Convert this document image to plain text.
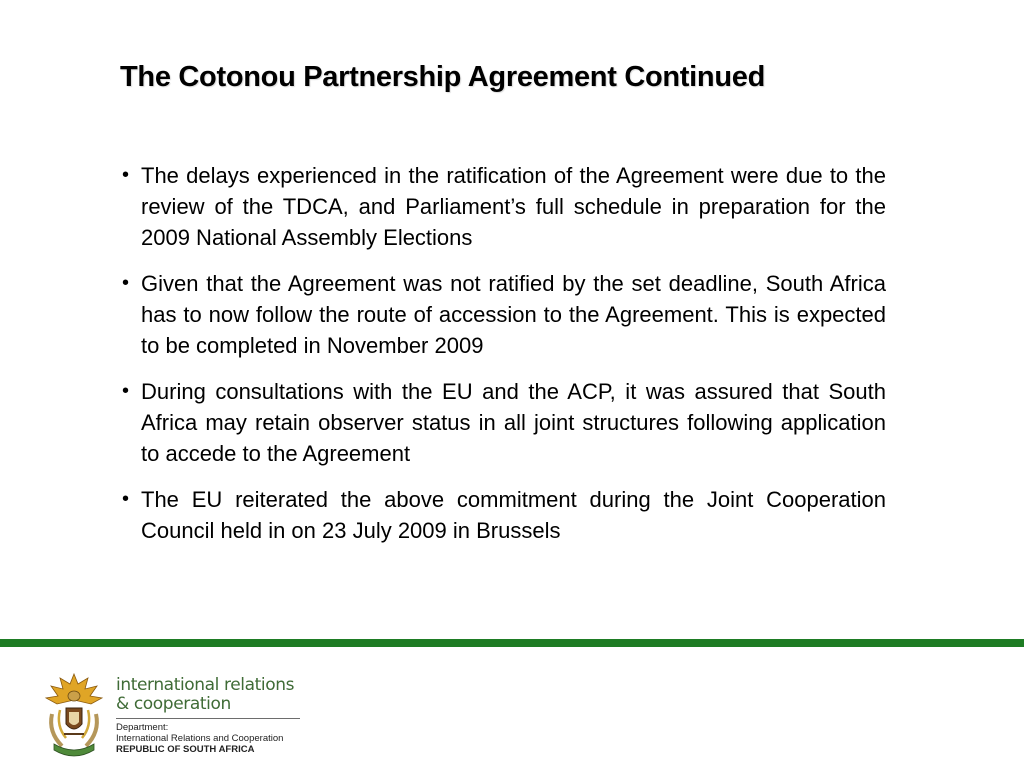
The Cotonou Partnership Agreement Continued
• The delays experienced in the ratification of the Agreement were due to the review of the TDCA, and Parliament’s full schedule in preparation for the 2009 National Assembly Elections
• Given that the Agreement was not ratified by the set deadline, South Africa has to now follow the route of accession to the Agreement. This is expected to be completed in November 2009
• During consultations with the EU and the ACP, it was assured that South Africa may retain observer status in all joint structures following application to accede to the Agreement
• The EU reiterated the above commitment during the Joint Cooperation Council held in on 23 July 2009 in Brussels
international relations
& cooperation
Department:
International Relations and Cooperation
REPUBLIC OF SOUTH AFRICA
